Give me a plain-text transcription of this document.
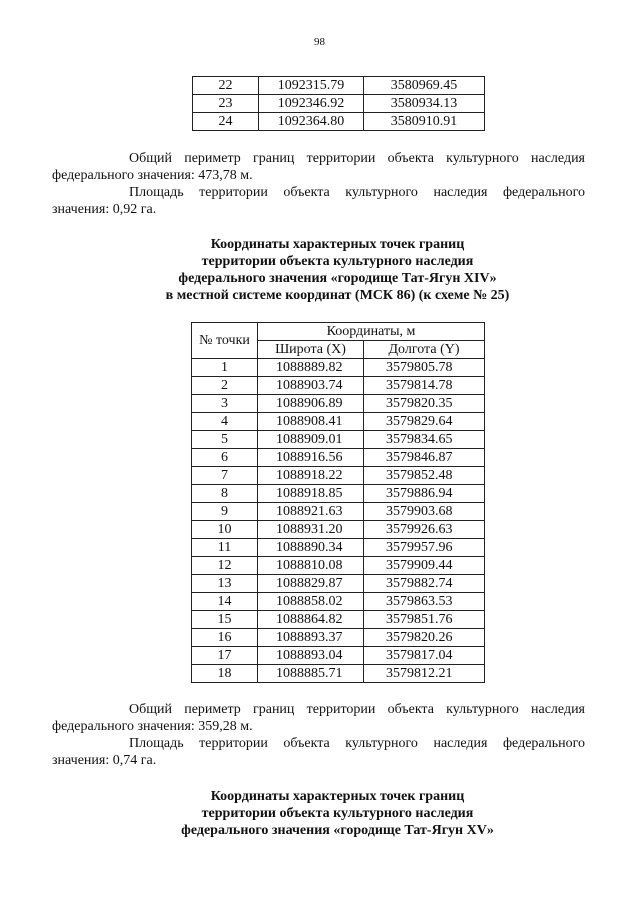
98
22	1092315.79	3580969.45
23	1092346.92	3580934.13
24	1092364.80	3580910.91

Общий периметр границ территории объекта культурного наследия
федерального значения: 473,78 м.

Площадь территории объекта культурного наследия федерального
значения: 0,92 га.

Координаты характерных точек границ
территории объекта культурного наследия
федерального значения «городище Тат-Ягун XIV»
в местной системе координат (МСК 86) (к схеме № 25)
№ точки	Координаты, м	
	Широта (X)	Долгота (Y)
1	1088889.82	3579805.78
2	1088903.74	3579814.78
3	1088906.89	3579820.35
4	1088908.41	3579829.64
5	1088909.01	3579834.65
6	1088916.56	3579846.87
7	1088918.22	3579852.48
8	1088918.85	3579886.94
9	1088921.63	3579903.68
10	1088931.20	3579926.63
11	1088890.34	3579957.96
12	1088810.08	3579909.44
13	1088829.87	3579882.74
14	1088858.02	3579863.53
15	1088864.82	3579851.76
16	1088893.37	3579820.26
17	1088893.04	3579817.04
18	1088885.71	3579812.21

Общий периметр границ территории объекта культурного наследия
федерального значения: 359,28 м.

Площадь территории объекта культурного наследия федерального
значения: 0,74 га.

Координаты характерных точек границ
территории объекта культурного наследия
федерального значения «городище Тат-Ягун XV»
